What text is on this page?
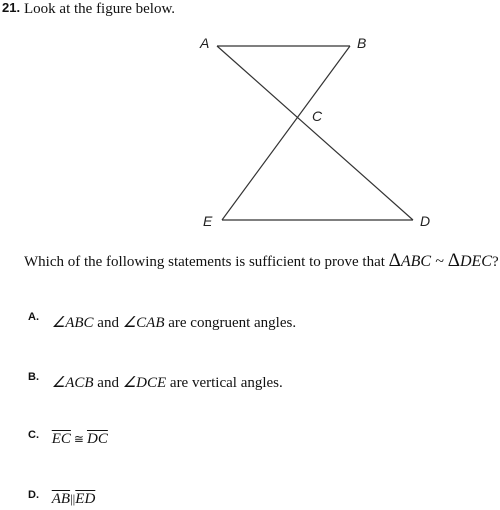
21. Look at the figure below.
A	B
C
E	D
Which of the following statements is sufficient to prove that ΔABC ~ ΔDEC?
A. ∠ABC and ∠CAB are congruent angles.
B. ∠ACB and ∠DCE are vertical angles.
C. $\overline{EC}$ ≅ $\overline{DC}$
D. $\overline{AB}||\overline{ED}$
